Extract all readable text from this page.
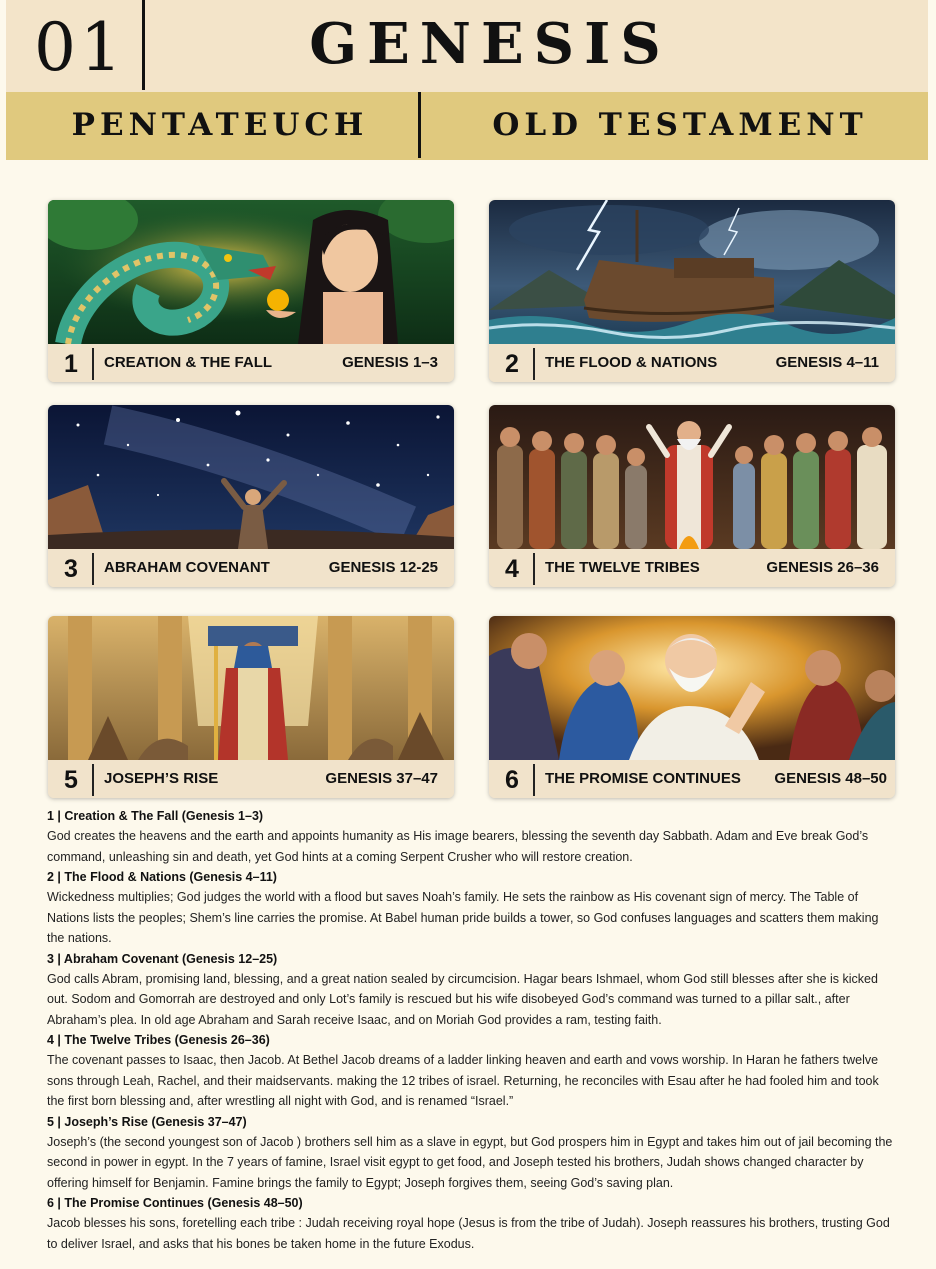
01	GENESIS
PENTATEUCH	OLD TESTAMENT
1	CREATION & THE FALL	GENESIS 1–3	2	THE FLOOD & NATIONS	GENESIS 4–11
3	ABRAHAM COVENANT	GENESIS 12-25	4	THE TWELVE TRIBES	GENESIS 26–36
5	JOSEPH’S RISE	GENESIS 37–47	6	THE PROMISE CONTINUES GENESIS 48–50
1 | Creation & The Fall (Genesis 1–3)
God creates the heavens and the earth and appoints humanity as His image bearers, blessing the seventh day Sabbath. Adam and Eve break God’s command, unleashing sin and death, yet God hints at a coming Serpent Crusher who will restore creation.
2 | The Flood & Nations (Genesis 4–11)
Wickedness multiplies; God judges the world with a flood but saves Noah’s family. He sets the rainbow as His covenant sign of mercy. The Table of Nations lists the peoples; Shem’s line carries the promise. At Babel human pride builds a tower, so God confuses languages and scatters them making the nations.
3 | Abraham Covenant (Genesis 12–25)
God calls Abram, promising land, blessing, and a great nation sealed by circumcision. Hagar bears Ishmael, whom God still blesses after she is kicked out. Sodom and Gomorrah are destroyed and only Lot’s family is rescued but his wife disobeyed God’s command was turned to a pillar salt., after Abraham’s plea. In old age Abraham and Sarah receive Isaac, and on Moriah God provides a ram, testing faith.
4 | The Twelve Tribes (Genesis 26–36)
The covenant passes to Isaac, then Jacob. At Bethel Jacob dreams of a ladder linking heaven and earth and vows worship. In Haran he fathers twelve sons through Leah, Rachel, and their maidservants. making the 12 tribes of israel. Returning, he reconciles with Esau after he had fooled him and took the first born blessing and, after wrestling all night with God, and is renamed “Israel.”
5 | Joseph’s Rise (Genesis 37–47)
Joseph’s (the second youngest son of Jacob ) brothers sell him as a slave in egypt, but God prospers him in Egypt and takes him out of jail becoming the second in power in egypt. In the 7 years of famine, Israel visit egypt to get food, and Joseph tested his brothers, Judah shows changed character by offering himself for Benjamin. Famine brings the family to Egypt; Joseph forgives them, seeing God’s saving plan.
6 | The Promise Continues (Genesis 48–50)
Jacob blesses his sons, foretelling each tribe : Judah receiving royal hope (Jesus is from the tribe of Judah). Joseph reassures his brothers, trusting God to deliver Israel, and asks that his bones be taken home in the future Exodus.
